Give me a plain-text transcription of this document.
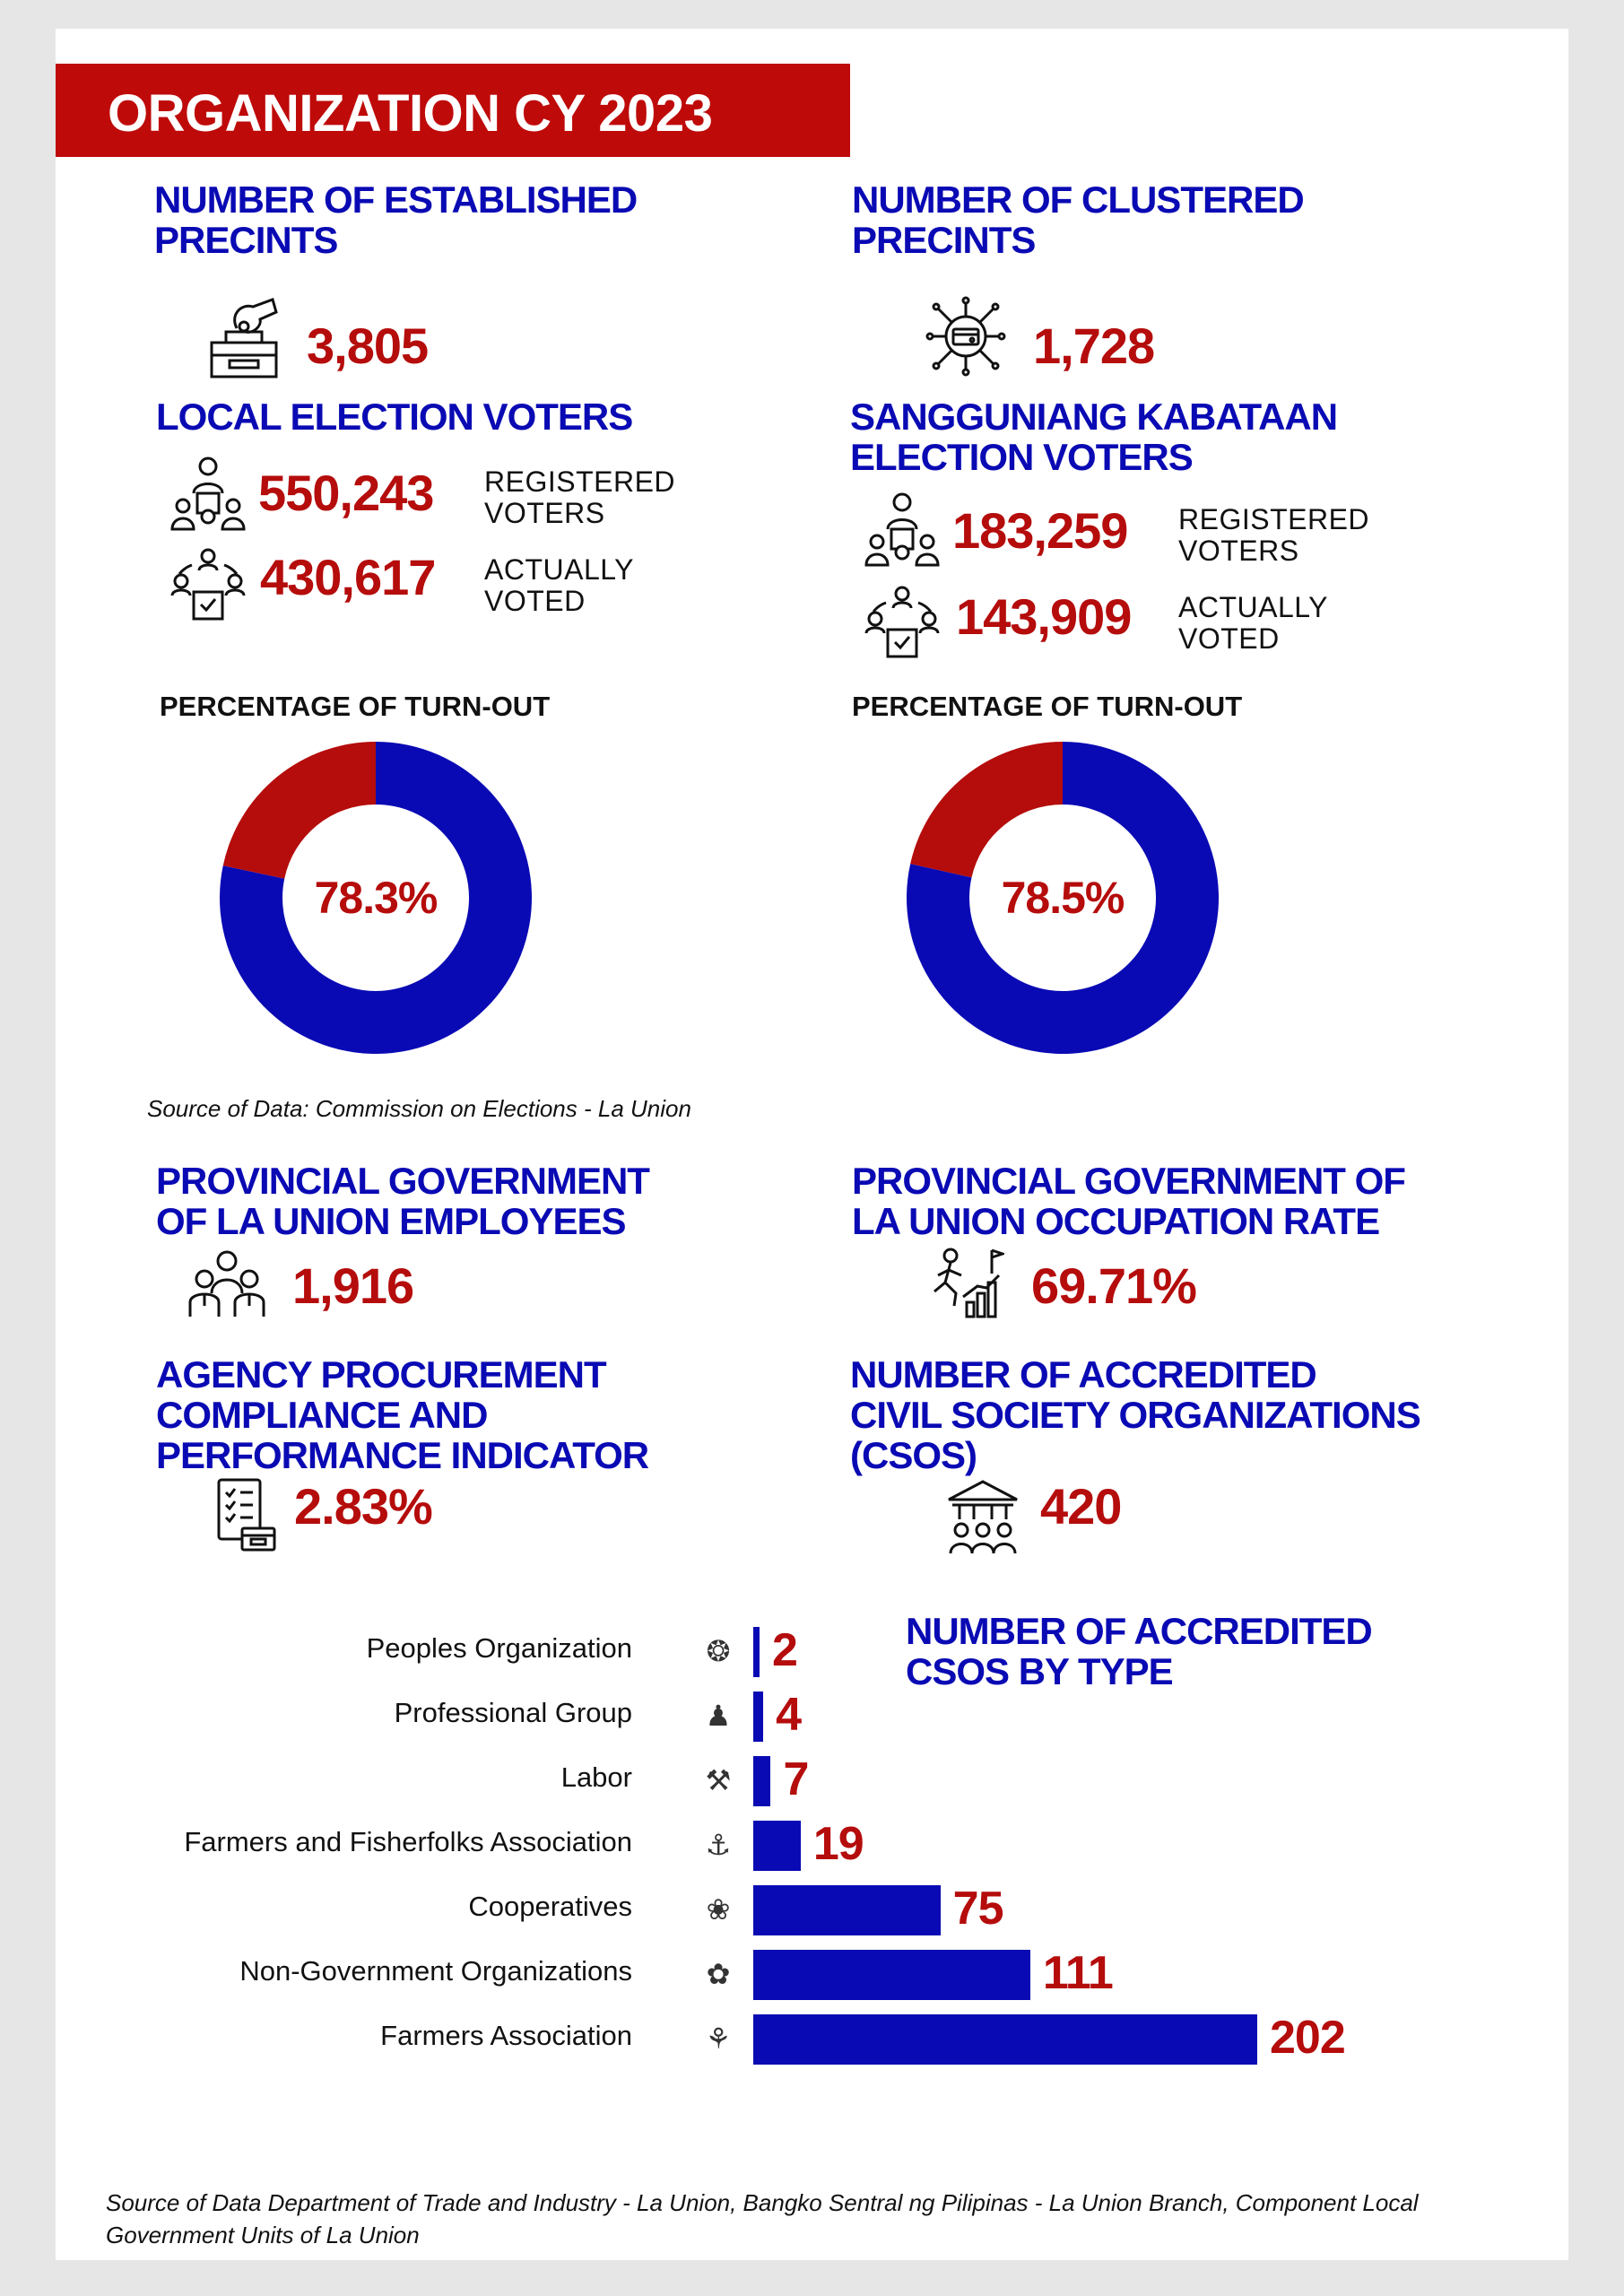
ORGANIZATION CY 2023
NUMBER OF ESTABLISHED
PRECINTS
3,805
NUMBER OF CLUSTERED
PRECINTS
1,728
LOCAL ELECTION VOTERS
550,243 REGISTERED
VOTERS
430,617 ACTUALLY
VOTED
SANGGUNIANG KABATAAN
ELECTION VOTERS
183,259 REGISTERED
VOTERS
143,909 ACTUALLY
VOTED
PERCENTAGE OF TURN-OUT	PERCENTAGE OF TURN-OUT
78.3%	78.5%
Source of Data: Commission on Elections - La Union
PROVINCIAL GOVERNMENT
OF LA UNION EMPLOYEES
1,916
PROVINCIAL GOVERNMENT OF
LA UNION OCCUPATION RATE
69.71%
AGENCY PROCUREMENT
COMPLIANCE AND
PERFORMANCE INDICATOR
2.83%
NUMBER OF ACCREDITED
CIVIL SOCIETY ORGANIZATIONS
(CSOS)
420
NUMBER OF ACCREDITED
CSOS BY TYPE
Peoples Organization	❂ 2
Professional Group	♟ 4
Labor	⚒ 7
Farmers and Fisherfolks Association	⚓ 19
Cooperatives	❀	75
Non-Government Organizations	✿	111
Farmers Association	⚘	202
Source of Data Department of Trade and Industry - La Union, Bangko Sentral ng Pilipinas - La Union Branch, Component Local Government Units of La Union
